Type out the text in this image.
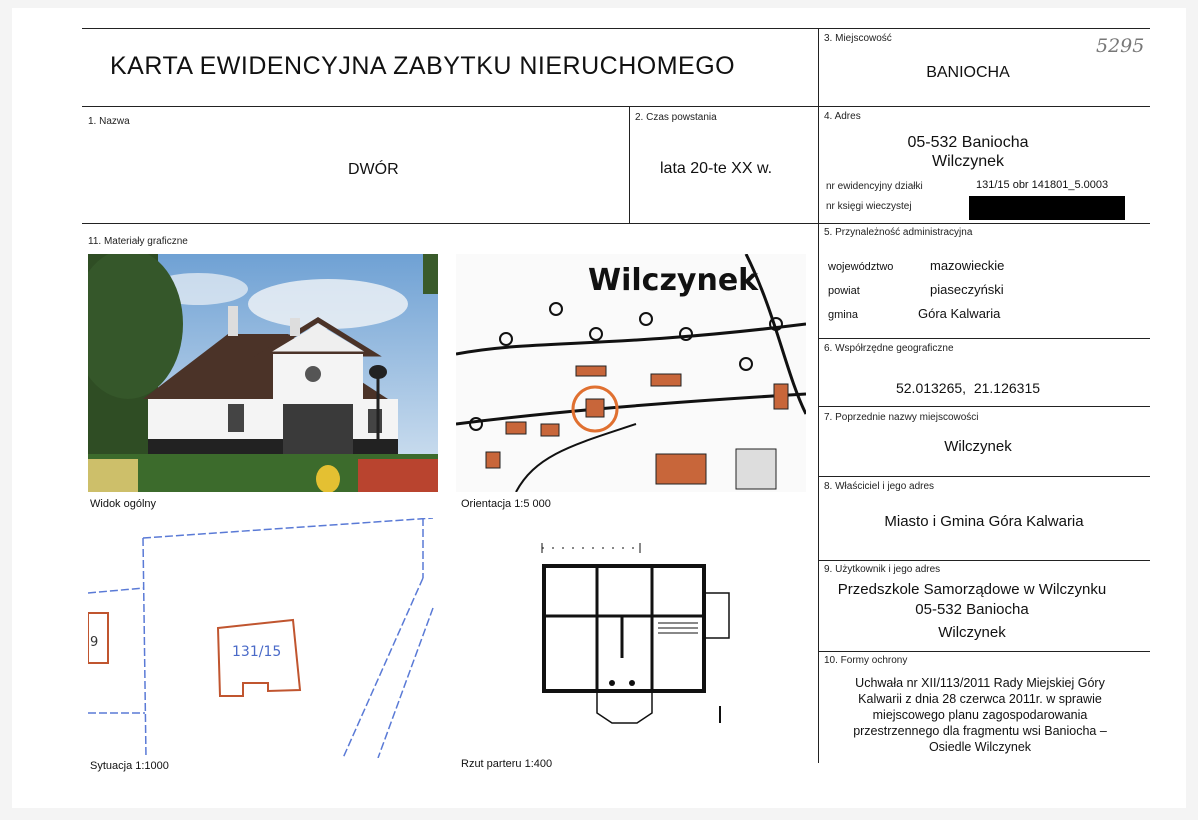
KARTA EWIDENCYJNA ZABYTKU NIERUCHOMEGO
5295
3. Miejscowość
BANIOCHA
1. Nazwa
DWÓR
2. Czas powstania
lata 20-te XX w.
4. Adres
05-532 Baniocha
Wilczynek
nr ewidencyjny działki	131/15 obr 141801_5.0003
nr księgi wieczystej
5. Przynależność administracyjna
województwo	mazowieckie
powiat	piaseczyński
gmina	Góra Kalwaria
6. Współrzędne geograficzne
52.013265,  21.126315
7. Poprzednie nazwy miejscowości
Wilczynek
8. Właściciel i jego adres
Miasto i Gmina Góra Kalwaria
9. Użytkownik i jego adres
Przedszkole Samorządowe w Wilczynku
05-532 Baniocha
Wilczynek
10. Formy ochrony
Uchwała nr XII/113/2011 Rady Miejskiej Góry
Kalwarii z dnia 28 czerwca 2011r. w sprawie
miejscowego planu zagospodarowania
przestrzennego dla fragmentu wsi Baniocha –
Osiedle Wilczynek
11. Materiały graficzne
Widok ogólny
Wilczynek
Orientacja 1:5 000
9
131/15
Sytuacja 1:1000	Rzut parteru 1:400
